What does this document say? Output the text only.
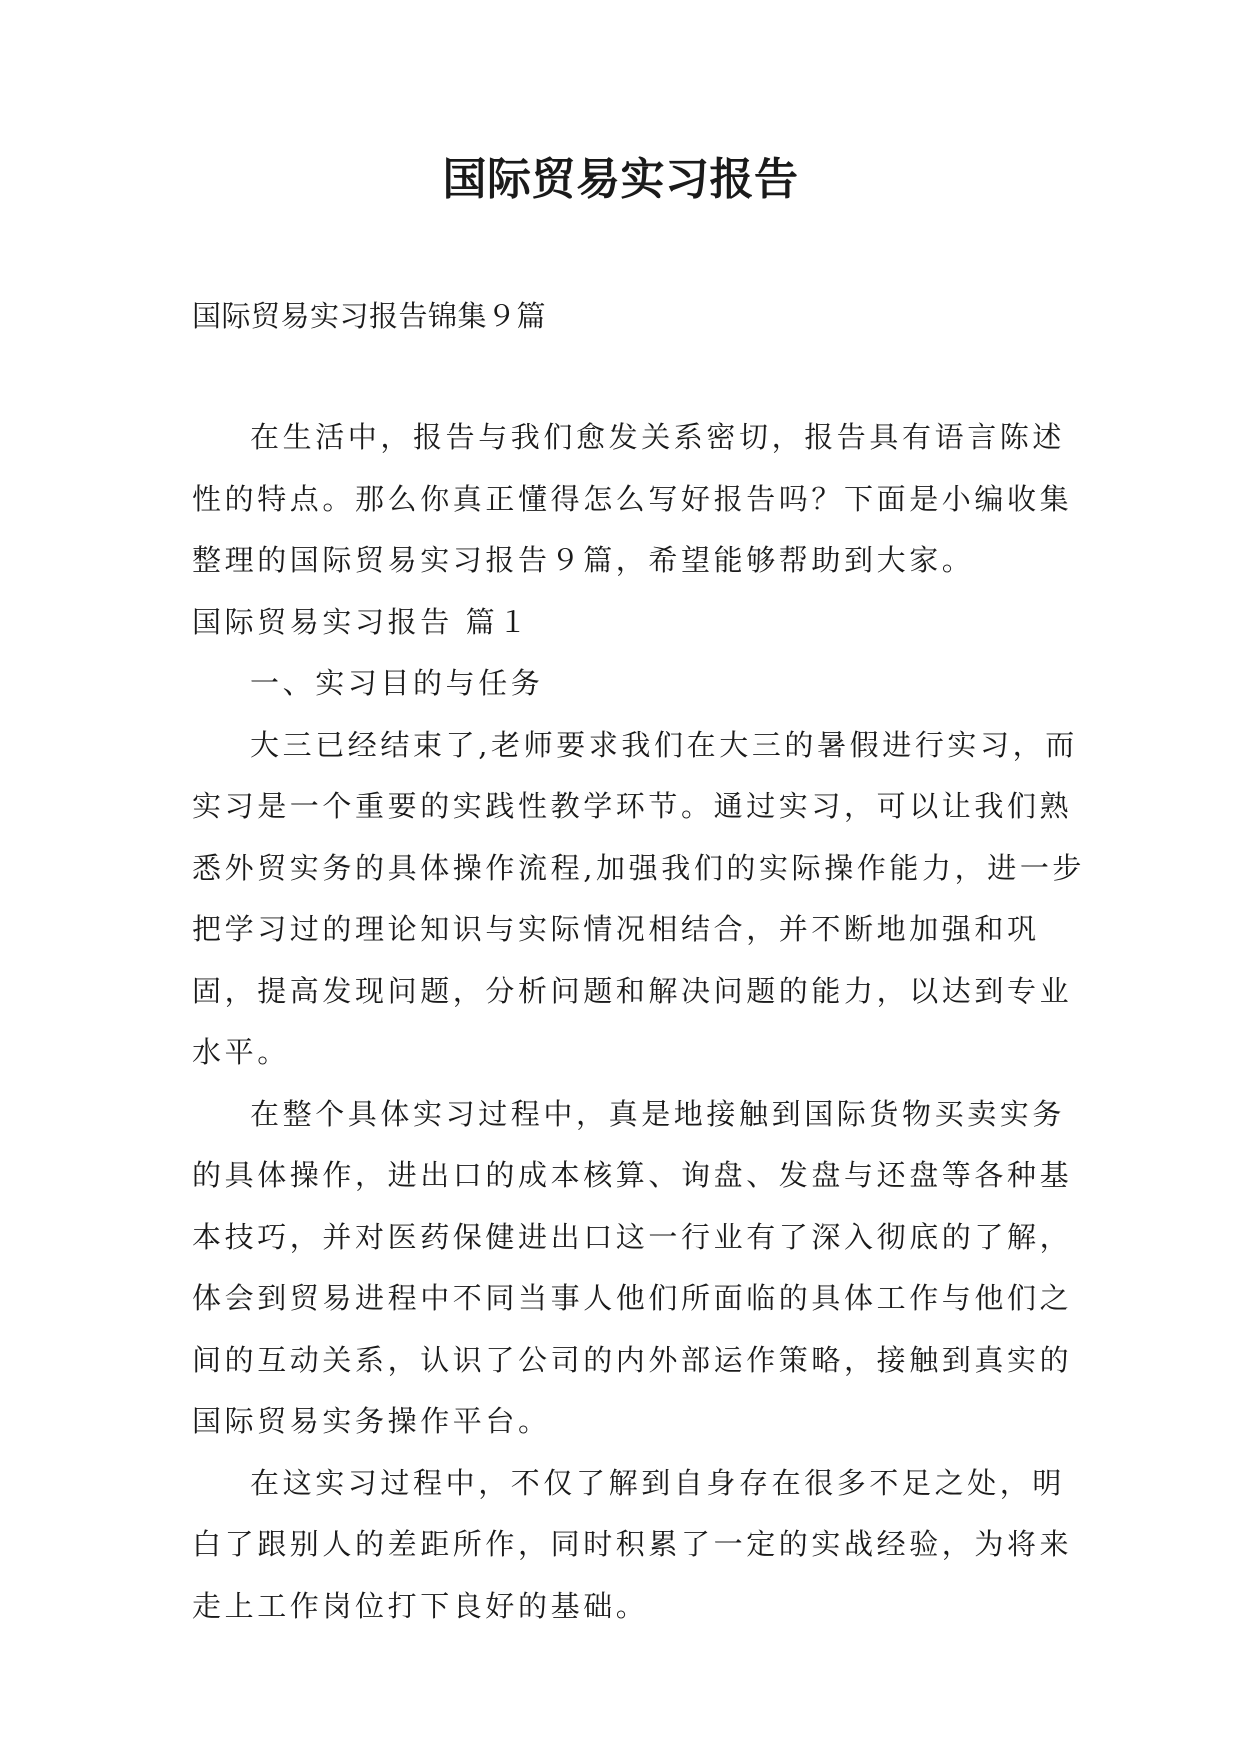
国际贸易实习报告

国际贸易实习报告锦集９篇

在生活中，报告与我们愈发关系密切，报告具有语言陈述性的特点。那么你真正懂得怎么写好报告吗？下面是小编收集整理的国际贸易实习报告９篇，希望能够帮助到大家。

国际贸易实习报告 篇１

一、实习目的与任务

大三已经结束了,老师要求我们在大三的暑假进行实习，而实习是一个重要的实践性教学环节。通过实习，可以让我们熟悉外贸实务的具体操作流程,加强我们的实际操作能力，进一步把学习过的理论知识与实际情况相结合，并不断地加强和巩固，提高发现问题，分析问题和解决问题的能力，以达到专业水平。

在整个具体实习过程中，真是地接触到国际货物买卖实务的具体操作，进出口的成本核算、询盘、发盘与还盘等各种基本技巧，并对医药保健进出口这一行业有了深入彻底的了解，体会到贸易进程中不同当事人他们所面临的具体工作与他们之间的互动关系，认识了公司的内外部运作策略，接触到真实的国际贸易实务操作平台。

在这实习过程中，不仅了解到自身存在很多不足之处，明白了跟别人的差距所作，同时积累了一定的实战经验，为将来走上工作岗位打下良好的基础。
